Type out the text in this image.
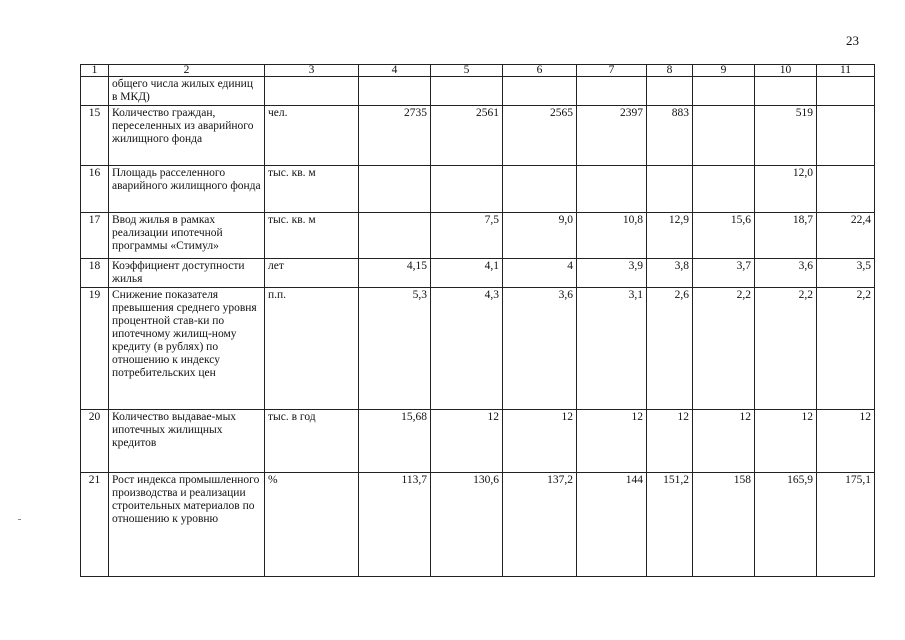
23
1	2	3	4	5	6	7	8	9	10	11
	общего числа жилых единиц в МКД)									
15	Количество граждан, переселенных из аварийного жилищного фонда	чел.	2735	2561	2565	2397	883		519	
16	Площадь расселенного аварийного жилищного фонда	тыс. кв. м							12,0	
17	Ввод жилья в рамках реализации ипотечной программы «Стимул»	тыс. кв. м		7,5	9,0	10,8	12,9	15,6	18,7	22,4
18	Коэффициент доступности жилья	лет	4,15	4,1	4	3,9	3,8	3,7	3,6	3,5
19	Снижение показателя превышения среднего уровня процентной став-ки по ипотечному жилищ-ному кредиту (в рублях) по отношению к индексу потребительских цен	п.п.	5,3	4,3	3,6	3,1	2,6	2,2	2,2	2,2
20	Количество выдавае-мых ипотечных жилищных кредитов	тыс. в год	15,68	12	12	12	12	12	12	12
21	Рост индекса промышленного производства и реализации строительных материалов по отношению к уровню	%	113,7	130,6	137,2	144	151,2	158	165,9	175,1
